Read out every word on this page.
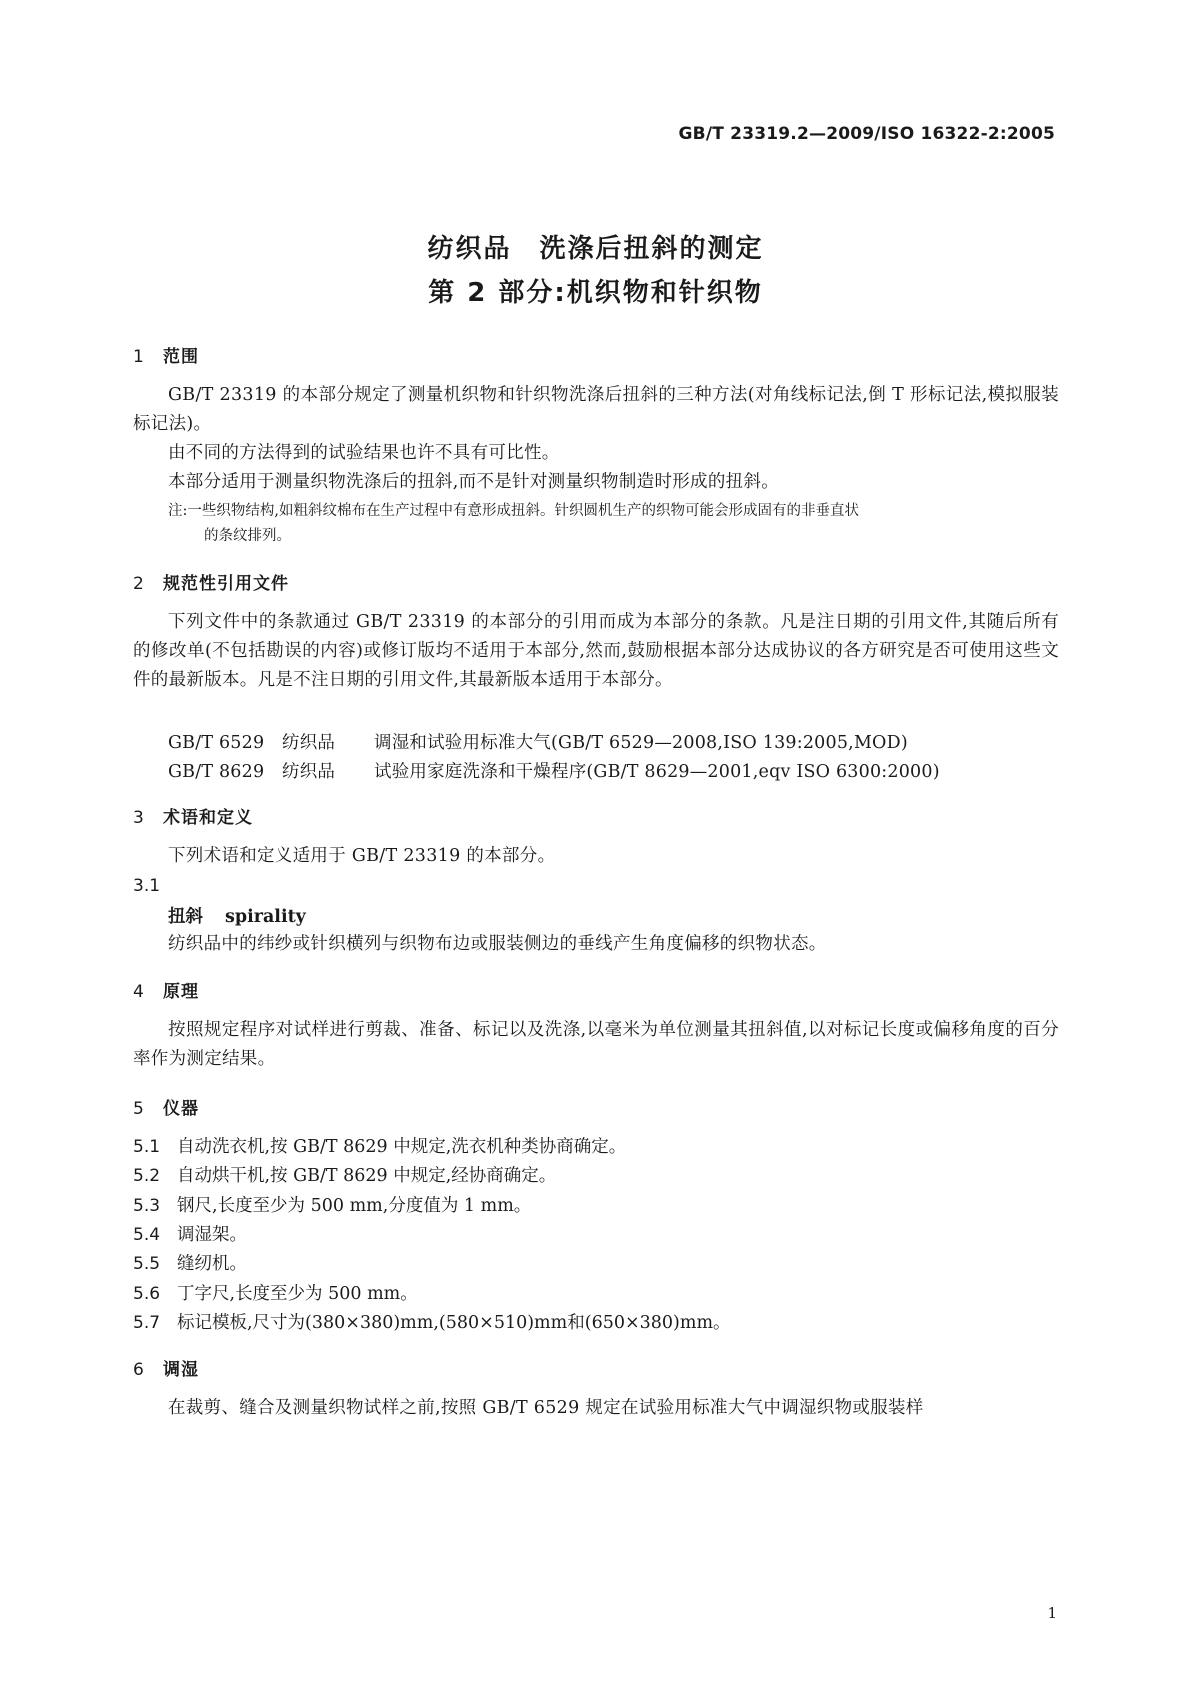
GB/T 23319.2—2009/ISO 16322-2:2005
纺织品　洗涤后扭斜的测定
第 2 部分:机织物和针织物
1 范围

GB/T 23319 的本部分规定了测量机织物和针织物洗涤后扭斜的三种方法(对角线标记法,倒 T 形标记法,模拟服装标记法)。

由不同的方法得到的试验结果也许不具有可比性。

本部分适用于测量织物洗涤后的扭斜,而不是针对测量织物制造时形成的扭斜。

注:一些织物结构,如粗斜纹棉布在生产过程中有意形成扭斜。针织圆机生产的织物可能会形成固有的非垂直状
的条纹排列。

2 规范性引用文件

下列文件中的条款通过 GB/T 23319 的本部分的引用而成为本部分的条款。凡是注日期的引用文件,其随后所有的修改单(不包括勘误的内容)或修订版均不适用于本部分,然而,鼓励根据本部分达成协议的各方研究是否可使用这些文件的最新版本。凡是不注日期的引用文件,其最新版本适用于本部分。

GB/T 6529 纺织品 调湿和试验用标准大气(GB/T 6529—2008,ISO 139:2005,MOD)
GB/T 8629 纺织品 试验用家庭洗涤和干燥程序(GB/T 8629—2001,eqv ISO 6300:2000)
3 术语和定义

下列术语和定义适用于 GB/T 23319 的本部分。

3.1
扭斜 spirality

纺织品中的纬纱或针织横列与织物布边或服装侧边的垂线产生角度偏移的织物状态。

4 原理

按照规定程序对试样进行剪裁、准备、标记以及洗涤,以毫米为单位测量其扭斜值,以对标记长度或偏移角度的百分率作为测定结果。

5 仪器
5.1 自动洗衣机,按 GB/T 8629 中规定,洗衣机种类协商确定。
5.2 自动烘干机,按 GB/T 8629 中规定,经协商确定。
5.3 钢尺,长度至少为 500 mm,分度值为 1 mm。
5.4 调湿架。
5.5 缝纫机。
5.6 丁字尺,长度至少为 500 mm。
5.7 标记模板,尺寸为(380×380)mm,(580×510)mm和(650×380)mm。
6 调湿

在裁剪、缝合及测量织物试样之前,按照 GB/T 6529 规定在试验用标准大气中调湿织物或服装样

1
